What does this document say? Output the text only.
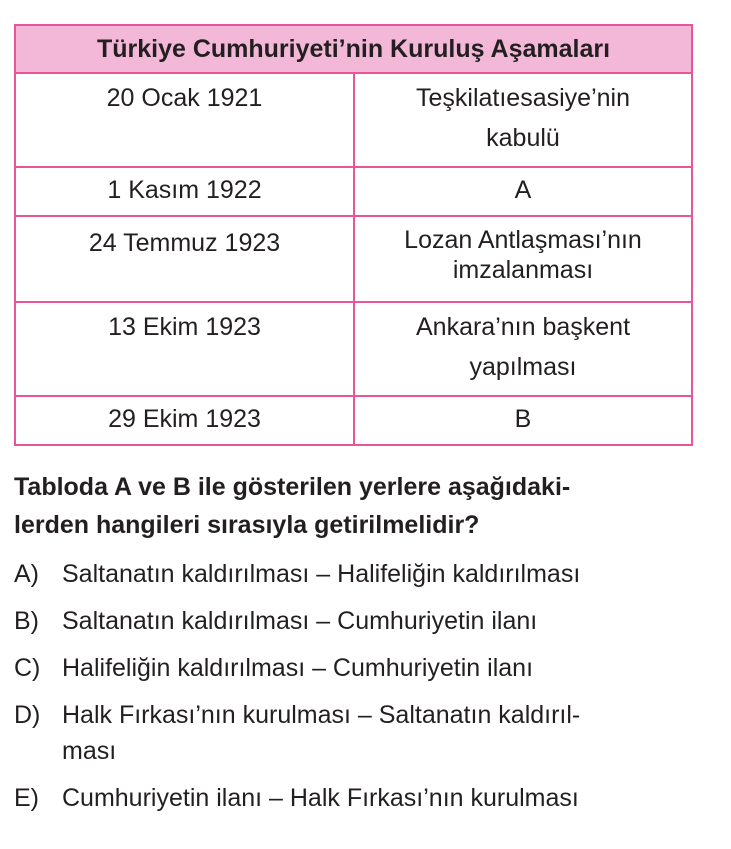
Türkiye Cumhuriyeti’nin Kuruluş Aşamaları	
20 Ocak 1921	Teşkilatıesasiye’nin
kabulü
1 Kasım 1922	A
24 Temmuz 1923	Lozan Antlaşması’nın
imzalanması
13 Ekim 1923	Ankara’nın başkent
yapılması
29 Ekim 1923	B
Tabloda A ve B ile gösterilen yerlere aşağıdaki-
lerden hangileri sırasıyla getirilmelidir?
A) Saltanatın kaldırılması – Halifeliğin kaldırılması
B) Saltanatın kaldırılması – Cumhuriyetin ilanı
C) Halifeliğin kaldırılması – Cumhuriyetin ilanı
D) Halk Fırkası’nın kurulması – Saltanatın kaldırıl-
ması
E) Cumhuriyetin ilanı – Halk Fırkası’nın kurulması
